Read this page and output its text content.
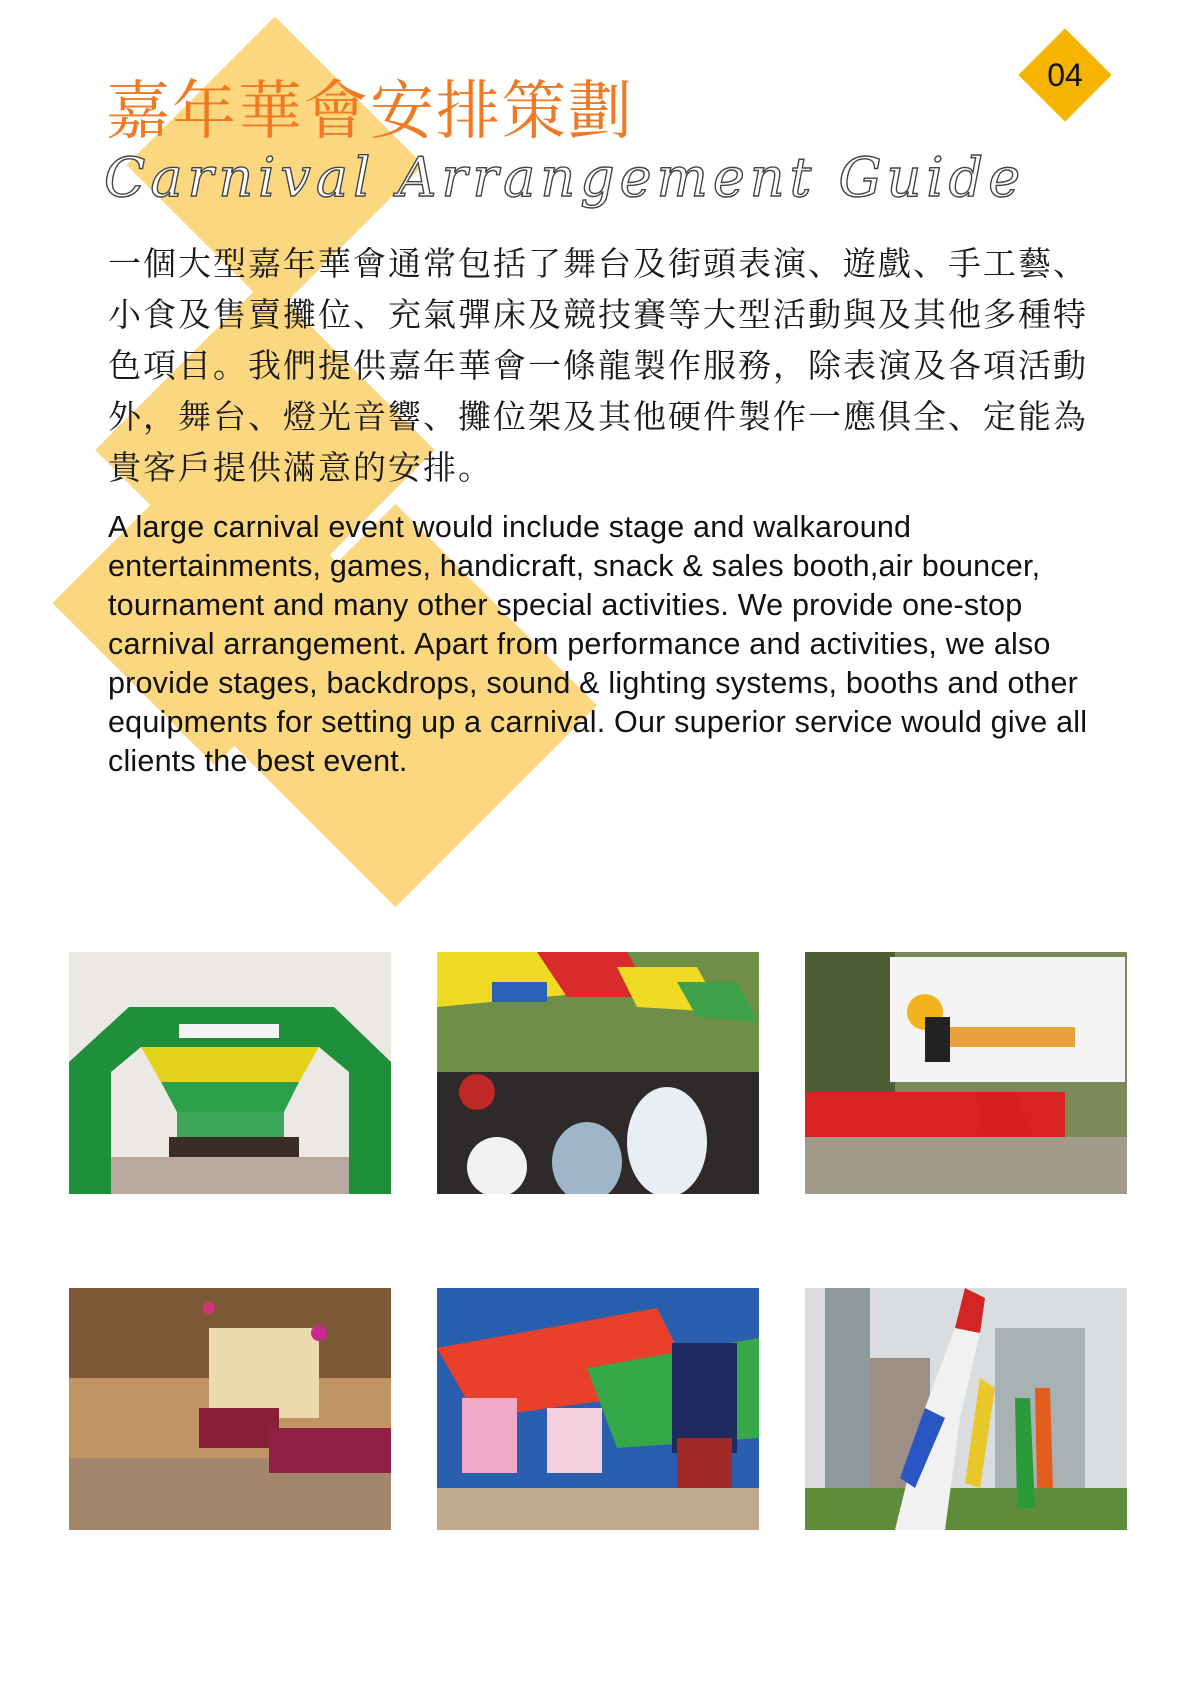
04
嘉年華會安排策劃
Carnival Arrangement Guide

一個大型嘉年華會通常包括了舞台及街頭表演、遊戲、手工藝、小食及售賣攤位、充氣彈床及競技賽等大型活動與及其他多種特色項目。我們提供嘉年華會一條龍製作服務，除表演及各項活動外，舞台、燈光音響、攤位架及其他硬件製作一應俱全、定能為貴客戶提供滿意的安排。

A large carnival event would include stage and walkaround entertainments, games, handicraft, snack & sales booth,air bouncer, tournament and many other special activities. We provide one-stop carnival arrangement. Apart from performance and activities, we also provide stages, backdrops, sound & lighting systems, booths and other equipments for setting up a carnival. Our superior service would give all clients the best event.
